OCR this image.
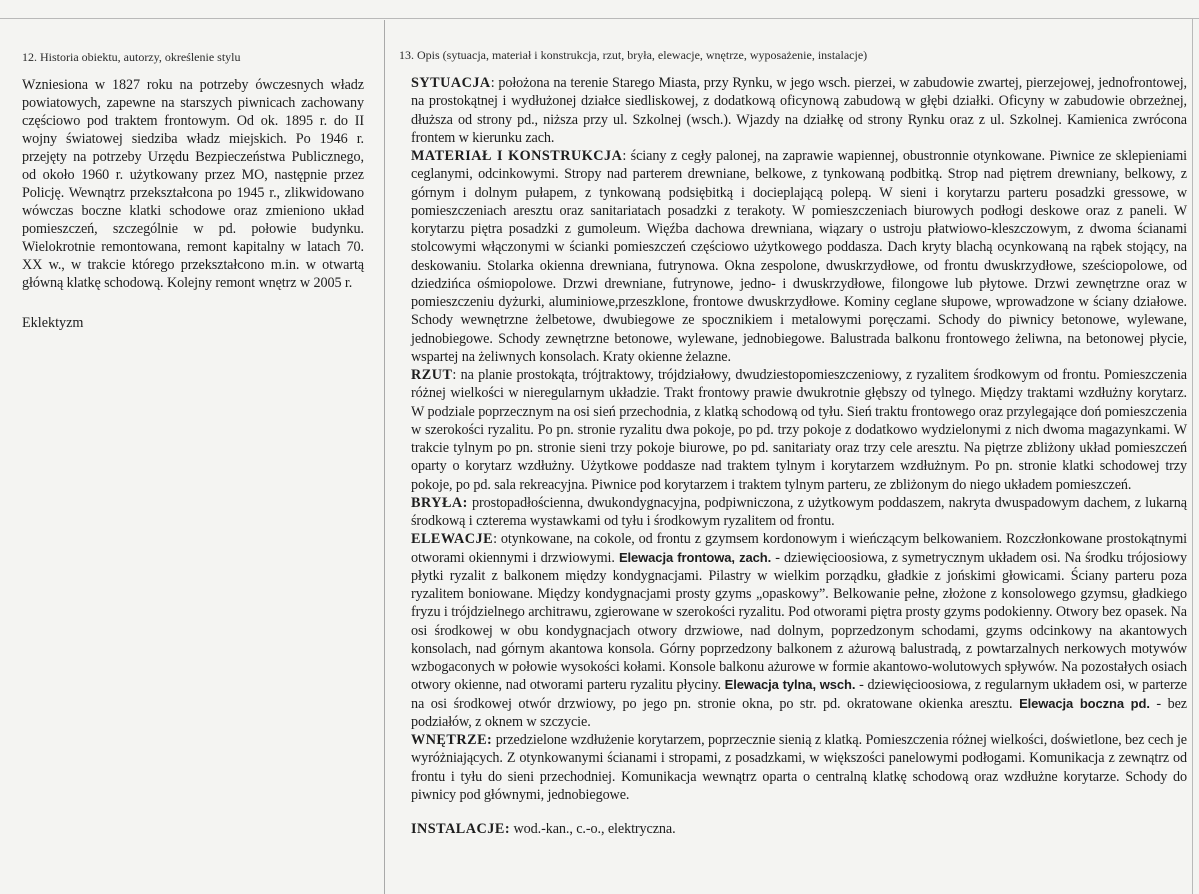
12. Historia obiektu, autorzy, określenie stylu

Wzniesiona w 1827 roku na potrzeby ówczesnych władz powiatowych, zapewne na starszych piwnicach zachowany częściowo pod traktem frontowym. Od ok. 1895 r. do II wojny światowej siedziba władz miejskich. Po 1946 r. przejęty na potrzeby Urzędu Bezpieczeństwa Publicznego, od około 1960 r. użytkowany przez MO, następnie przez Policję. Wewnątrz przekształcona po 1945 r., zlikwidowano wówczas boczne klatki schodowe oraz zmieniono układ pomieszczeń, szczególnie w pd. połowie budynku. Wielokrotnie remontowana, remont kapitalny w latach 70. XX w., w trakcie którego przekształcono m.in. w otwartą główną klatkę schodową. Kolejny remont wnętrz w 2005 r.

Eklektyzm

13. Opis (sytuacja, materiał i konstrukcja, rzut, bryła, elewacje, wnętrze, wyposażenie, instalacje)

SYTUACJA: położona na terenie Starego Miasta, przy Rynku, w jego wsch. pierzei, w zabudowie zwartej, pierzejowej, jednofrontowej, na prostokątnej i wydłużonej działce siedliskowej, z dodatkową oficynową zabudową w głębi działki. Oficyny w zabudowie obrzeżnej, dłuższa od strony pd., niższa przy ul. Szkolnej (wsch.). Wjazdy na działkę od strony Rynku oraz z ul. Szkolnej. Kamienica zwrócona frontem w kierunku zach.

MATERIAŁ I KONSTRUKCJA: ściany z cegły palonej, na zaprawie wapiennej, obustronnie otynkowane. Piwnice ze sklepieniami ceglanymi, odcinkowymi. Stropy nad parterem drewniane, belkowe, z tynkowaną podbitką. Strop nad piętrem drewniany, belkowy, z górnym i dolnym pułapem, z tynkowaną podsiębitką i docieplającą polepą. W sieni i korytarzu parteru posadzki gressowe, w pomieszczeniach aresztu oraz sanitariatach posadzki z terakoty. W pomieszczeniach biurowych podłogi deskowe oraz z paneli. W korytarzu piętra posadzki z gumoleum. Więźba dachowa drewniana, wiązary o ustroju płatwiowo-kleszczowym, z dwoma ścianami stolcowymi włączonymi w ścianki pomieszczeń częściowo użytkowego poddasza. Dach kryty blachą ocynkowaną na rąbek stojący, na deskowaniu. Stolarka okienna drewniana, futrynowa. Okna zespolone, dwuskrzydłowe, od frontu dwuskrzydłowe, sześciopolowe, od dziedzińca ośmiopolowe. Drzwi drewniane, futrynowe, jedno- i dwuskrzydłowe, filongowe lub płytowe. Drzwi zewnętrzne oraz w pomieszczeniu dyżurki, aluminiowe,przeszklone, frontowe dwuskrzydłowe. Kominy ceglane słupowe, wprowadzone w ściany działowe. Schody wewnętrzne żelbetowe, dwubiegowe ze spocznikiem i metalowymi poręczami. Schody do piwnicy betonowe, wylewane, jednobiegowe. Schody zewnętrzne betonowe, wylewane, jednobiegowe. Balustrada balkonu frontowego żeliwna, na betonowej płycie, wspartej na żeliwnych konsolach. Kraty okienne żelazne.

RZUT: na planie prostokąta, trójtraktowy, trójdziałowy, dwudziestopomieszczeniowy, z ryzalitem środkowym od frontu. Pomieszczenia różnej wielkości w nieregularnym układzie. Trakt frontowy prawie dwukrotnie głębszy od tylnego. Między traktami wzdłużny korytarz. W podziale poprzecznym na osi sień przechodnia, z klatką schodową od tyłu. Sień traktu frontowego oraz przylegające doń pomieszczenia w szerokości ryzalitu. Po pn. stronie ryzalitu dwa pokoje, po pd. trzy pokoje z dodatkowo wydzielonymi z nich dwoma magazynkami. W trakcie tylnym po pn. stronie sieni trzy pokoje biurowe, po pd. sanitariaty oraz trzy cele aresztu. Na piętrze zbliżony układ pomieszczeń oparty o korytarz wzdłużny. Użytkowe poddasze nad traktem tylnym i korytarzem wzdłużnym. Po pn. stronie klatki schodowej trzy pokoje, po pd. sala rekreacyjna. Piwnice pod korytarzem i traktem tylnym parteru, ze zbliżonym do niego układem pomieszczeń.

BRYŁA: prostopadłościenna, dwukondygnacyjna, podpiwniczona, z użytkowym poddaszem, nakryta dwuspadowym dachem, z lukarną środkową i czterema wystawkami od tyłu i środkowym ryzalitem od frontu.

ELEWACJE: otynkowane, na cokole, od frontu z gzymsem kordonowym i wieńczącym belkowaniem. Rozczłonkowane prostokątnymi otworami okiennymi i drzwiowymi. Elewacja frontowa, zach. - dziewięcioosiowa, z symetrycznym układem osi. Na środku trójosiowy płytki ryzalit z balkonem między kondygnacjami. Pilastry w wielkim porządku, gładkie z jońskimi głowicami. Ściany parteru poza ryzalitem boniowane. Między kondygnacjami prosty gzyms „opaskowy”. Belkowanie pełne, złożone z konsolowego gzymsu, gładkiego fryzu i trójdzielnego architrawu, zgierowane w szerokości ryzalitu. Pod otworami piętra prosty gzyms podokienny. Otwory bez opasek. Na osi środkowej w obu kondygnacjach otwory drzwiowe, nad dolnym, poprzedzonym schodami, gzyms odcinkowy na akantowych konsolach, nad górnym akantowa konsola. Górny poprzedzony balkonem z ażurową balustradą, z powtarzalnych nerkowych motywów wzbogaconych w połowie wysokości kołami. Konsole balkonu ażurowe w formie akantowo-wolutowych spływów. Na pozostałych osiach otwory okienne, nad otworami parteru ryzalitu płyciny. Elewacja tylna, wsch. - dziewięcioosiowa, z regularnym układem osi, w parterze na osi środkowej otwór drzwiowy, po jego pn. stronie okna, po str. pd. okratowane okienka aresztu. Elewacja boczna pd. - bez podziałów, z oknem w szczycie.

WNĘTRZE: przedzielone wzdłużenie korytarzem, poprzecznie sienią z klatką. Pomieszczenia różnej wielkości, doświetlone, bez cech je wyróżniających. Z otynkowanymi ścianami i stropami, z posadzkami, w większości panelowymi podłogami. Komunikacja z zewnątrz od frontu i tyłu do sieni przechodniej. Komunikacja wewnątrz oparta o centralną klatkę schodową oraz wzdłużne korytarze. Schody do piwnicy pod głównymi, jednobiegowe.

INSTALACJE: wod.-kan., c.-o., elektryczna.
